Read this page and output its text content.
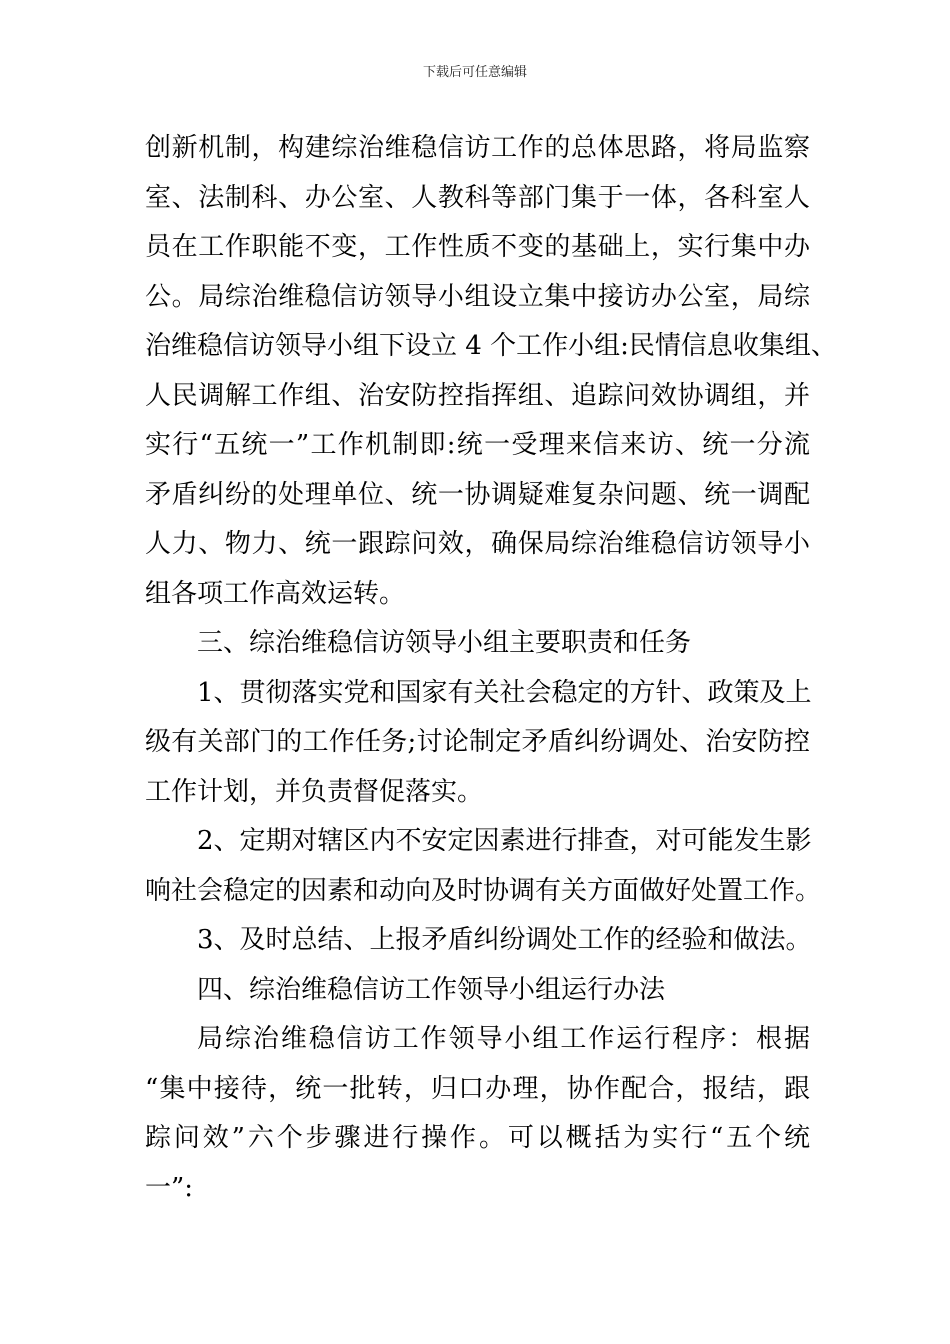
下载后可任意编辑
创新机制，构建综治维稳信访工作的总体思路，将局监察
室、法制科、办公室、人教科等部门集于一体，各科室人
员在工作职能不变，工作性质不变的基础上，实行集中办
公。局综治维稳信访领导小组设立集中接访办公室，局综
治维稳信访领导小组下设立 4 个工作小组:民情信息收集组、
人民调解工作组、治安防控指挥组、追踪问效协调组，并
实行“五统一”工作机制即:统一受理来信来访、统一分流
矛盾纠纷的处理单位、统一协调疑难复杂问题、统一调配
人力、物力、统一跟踪问效，确保局综治维稳信访领导小
组各项工作高效运转。
三、综治维稳信访领导小组主要职责和任务
1、贯彻落实党和国家有关社会稳定的方针、政策及上
级有关部门的工作任务;讨论制定矛盾纠纷调处、治安防控
工作计划，并负责督促落实。
2、定期对辖区内不安定因素进行排查，对可能发生影
响社会稳定的因素和动向及时协调有关方面做好处置工作。
3、及时总结、上报矛盾纠纷调处工作的经验和做法。
四、综治维稳信访工作领导小组运行办法
局综治维稳信访工作领导小组工作运行程序：根据
“集中接待，统一批转，归口办理，协作配合，报结，跟
踪问效”六个步骤进行操作。可以概括为实行“五个统
一”:
